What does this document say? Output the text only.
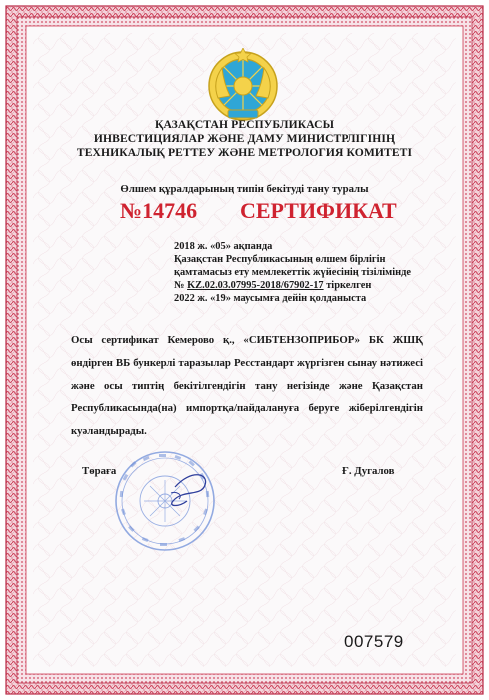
ҚАЗАҚСТАН РЕСПУБЛИКАСЫ
ИНВЕСТИЦИЯЛАР ЖӘНЕ ДАМУ МИНИСТРЛІГІНІҢ
ТЕХНИКАЛЫҚ РЕТТЕУ ЖӘНЕ МЕТРОЛОГИЯ КОМИТЕТІ
Өлшем құралдарының типін бекітуді тану туралы
№14746 СЕРТИФИКАТ
2018 ж. «05» ақпанда
Қазақстан Республикасының өлшем бірлігін
қамтамасыз ету мемлекеттік жүйесінің тізілімінде
№ KZ.02.03.07995-2018/67902-17 тіркелген
2022 ж. «19» маусымға дейін қолданыста
Осы сертификат Кемерово қ., «СИБТЕНЗОПРИБОР» БК ЖШҚ
өндірген ВБ бункерлі таразылар Ресстандарт жүргізген сынау нәтижесі
және осы типтің бекітілгендігін тану негізінде және Қазақстан
Республикасында(на) импортқа/пайдалануға беруге жіберілгендігін
куәландырады.
Төраға	Ғ. Дугалов
007579
